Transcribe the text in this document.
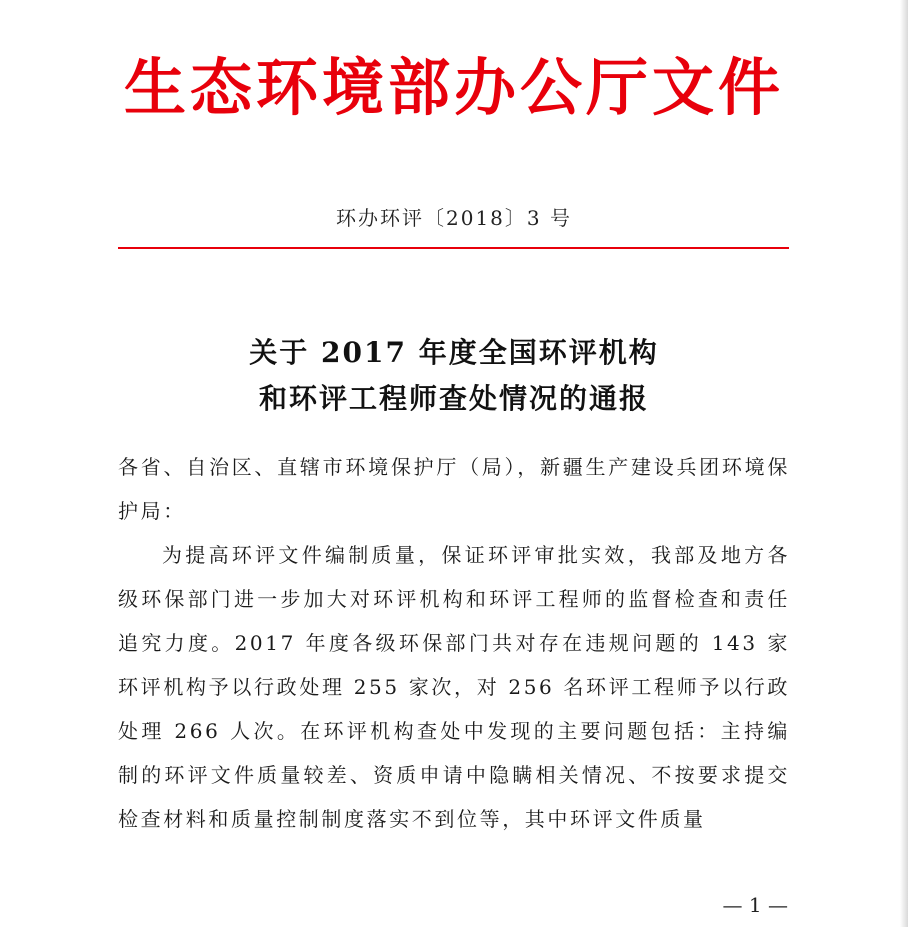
生态环境部办公厅文件
环办环评〔2018〕3 号
关于 2017 年度全国环评机构
和环评工程师查处情况的通报

各省、自治区、直辖市环境保护厅（局），新疆生产建设兵团环境保护局：

为提高环评文件编制质量，保证环评审批实效，我部及地方各级环保部门进一步加大对环评机构和环评工程师的监督检查和责任追究力度。2017 年度各级环保部门共对存在违规问题的 143 家环评机构予以行政处理 255 家次，对 256 名环评工程师予以行政处理 266 人次。在环评机构查处中发现的主要问题包括：主持编制的环评文件质量较差、资质申请中隐瞒相关情况、不按要求提交检查材料和质量控制制度落实不到位等，其中环评文件质量

— 1 —
